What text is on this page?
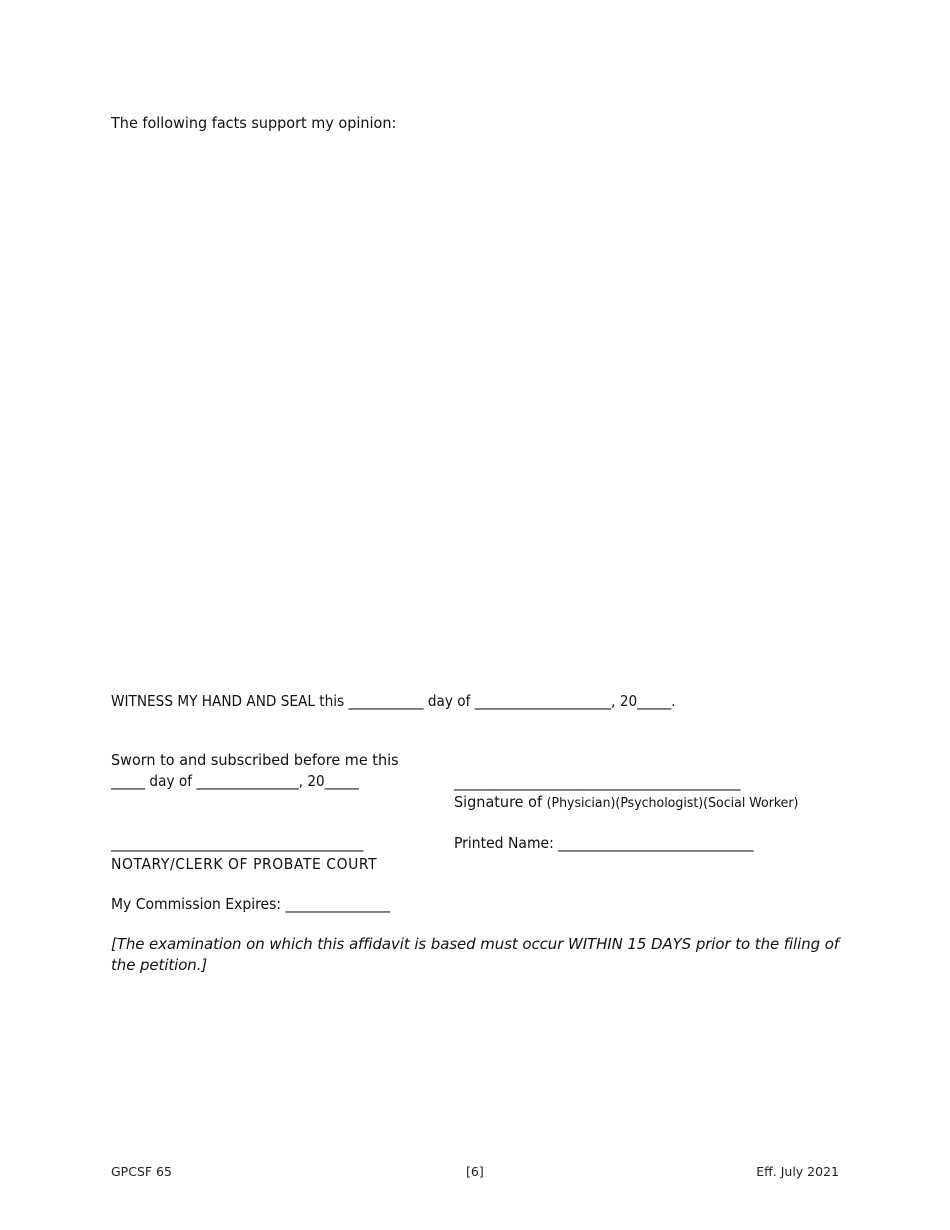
The following facts support my opinion:
WITNESS MY HAND AND SEAL this ___________ day of ____________________, 20_____.
Sworn to and subscribed before me this
_____ day of _______________, 20_____	__________________________________________
Signature of (Physician)(Psychologist)(Social Worker)
_____________________________________	Printed Name: ____________________________
NOTARY/CLERK OF PROBATE COURT
My Commission Expires: _______________
[The examination on which this affidavit is based must occur WITHIN 15 DAYS prior to the filing of the petition.]
GPCSF 65	[6]	Eff. July 2021
